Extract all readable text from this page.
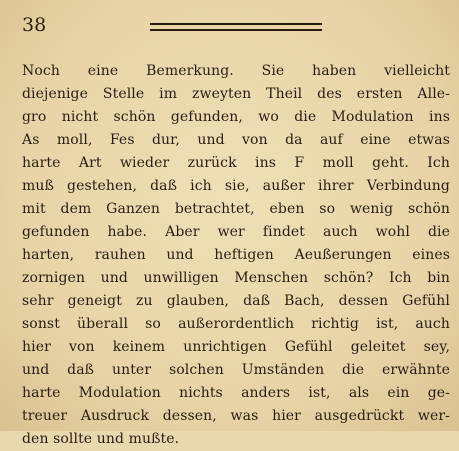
38
Noch eine Bemerkung. Sie haben vielleicht
diejenige Stelle im zweyten Theil des ersten Alle-
gro nicht schön gefunden, wo die Modulation ins
As moll, Fes dur, und von da auf eine etwas
harte Art wieder zurück ins F moll geht. Ich
muß gestehen, daß ich sie, außer ihrer Verbindung
mit dem Ganzen betrachtet, eben so wenig schön
gefunden habe. Aber wer findet auch wohl die
harten, rauhen und heftigen Aeußerungen eines
zornigen und unwilligen Menschen schön? Ich bin
sehr geneigt zu glauben, daß Bach, dessen Gefühl
sonst überall so außerordentlich richtig ist, auch
hier von keinem unrichtigen Gefühl geleitet sey,
und daß unter solchen Umständen die erwähnte
harte Modulation nichts anders ist, als ein ge-
treuer Ausdruck dessen, was hier ausgedrückt wer-
den sollte und mußte.
